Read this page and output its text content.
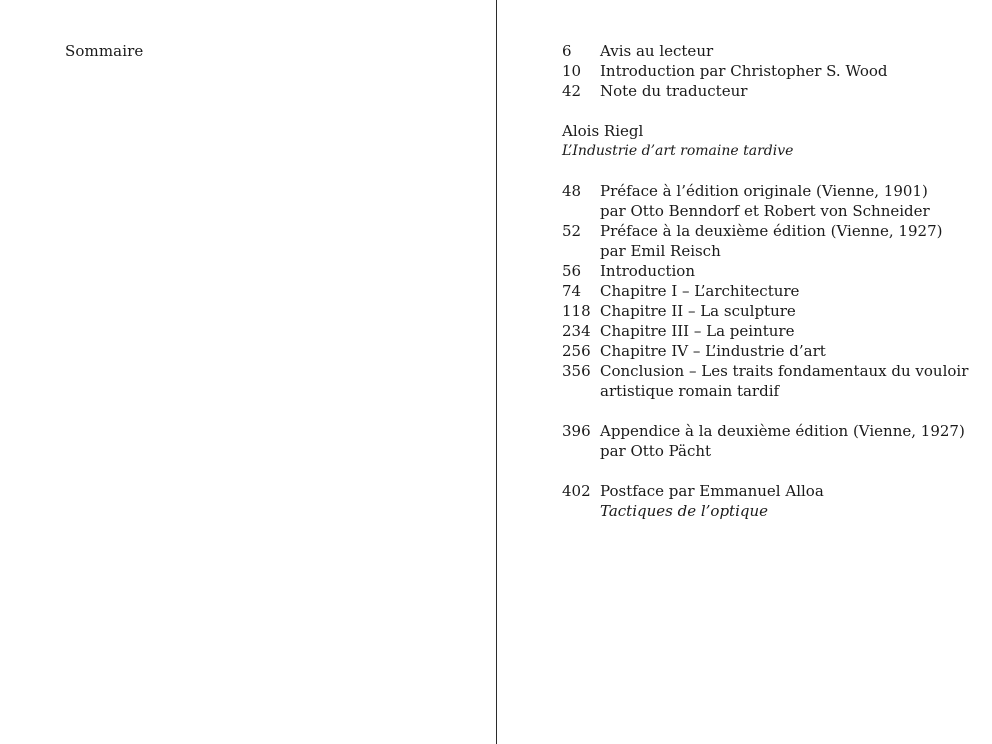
Sommaire	6	Avis au lecteur
10	Introduction par Christopher S. Wood
42	Note du traducteur
Alois Riegl
L’Industrie d’art romaine tardive
48	Préface à l’édition originale (Vienne, 1901)
par Otto Benndorf et Robert von Schneider
52	Préface à la deuxième édition (Vienne, 1927)
par Emil Reisch
56	Introduction
74	Chapitre I – L’architecture
118 Chapitre II – La sculpture
234 Chapitre III – La peinture
256 Chapitre IV – L’industrie d’art
356 Conclusion – Les traits fondamentaux du vouloir
artistique romain tardif
396 Appendice à la deuxième édition (Vienne, 1927)
par Otto Pächt
402 Postface par Emmanuel Alloa
Tactiques de l’optique
